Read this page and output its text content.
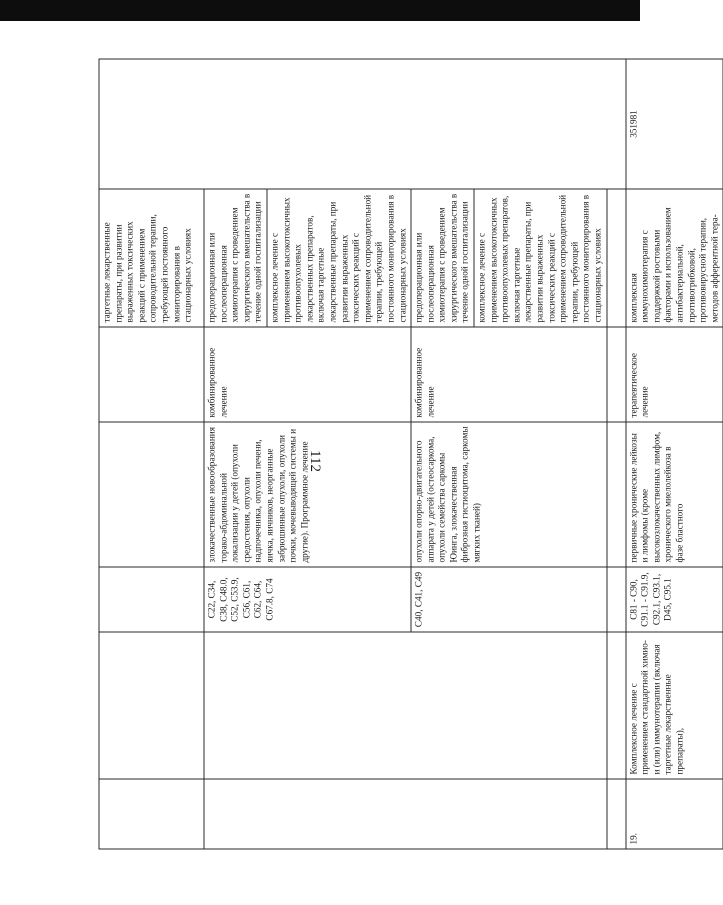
112
					таргетные лекарственные препараты, при развитии выраженных токсических реакций с применением сопроводительной терапии, требующей постоянного мониторирования в стационарных условиях	
		C22, C34, C38, C48.0, C52, C53.9, C56, C61, C62, C64, C67.8, C74	злокачественные новообразования торако-абдоминальной локализации у детей (опухоли средостения, опухоли надпочечника, опухоли печени, яичка, яичников, неорганные забрюшинные опухоли, опухоли почки, мочевыводящей системы и другие). Программное лечение	комбинированное лечение	предоперационная или послеоперационная химиотерапия с проведением хирургического вмешательства в течение одной госпитализации	
					комплексное лечение с применением высокотоксичных противоопухолевых лекарственных препаратов, включая таргетные лекарственные препараты, при развитии выраженных токсических реакций с применением сопроводительной терапии, требующей постоянного мониторирования в стационарных условиях	
		C40, C41, C49	опухоли опорно-двигательного аппарата у детей (остеосаркома, опухоли семейства саркомы Юинга, злокачественная фиброзная гистиоцитома, саркомы мягких тканей)	комбинированное лечение	предоперационная или послеоперационная химиотерапия с проведением хирургического вмешательства в течение одной госпитализации	
					комплексное лечение с применением высокотоксичных противоопухолевых препаратов, включая таргетные лекарственные препараты, при развитии выраженных токсических реакций с применением сопроводительной терапии, требующей постоянного мониторирования в стационарных условиях	

19.	Комплексное лечение с применением стандартной химио- и (или) иммунотерапии (включая таргетные лекарственные препараты),	C81 - C90, C91.1 - C91.9, C92.1, C93.1, D45, C95.1	первичные хронические лейкозы и лимфомы (кроме высокозлокачественных лимфом, хронического миелолейкоза в фазе бластного	терапевтическое лечение	комплексная иммунохимиотерапия с поддержкой ростовыми факторами и использованием антибактериальной, противогрибковой, противовирусной терапии, методов афферентной тера-	351981
